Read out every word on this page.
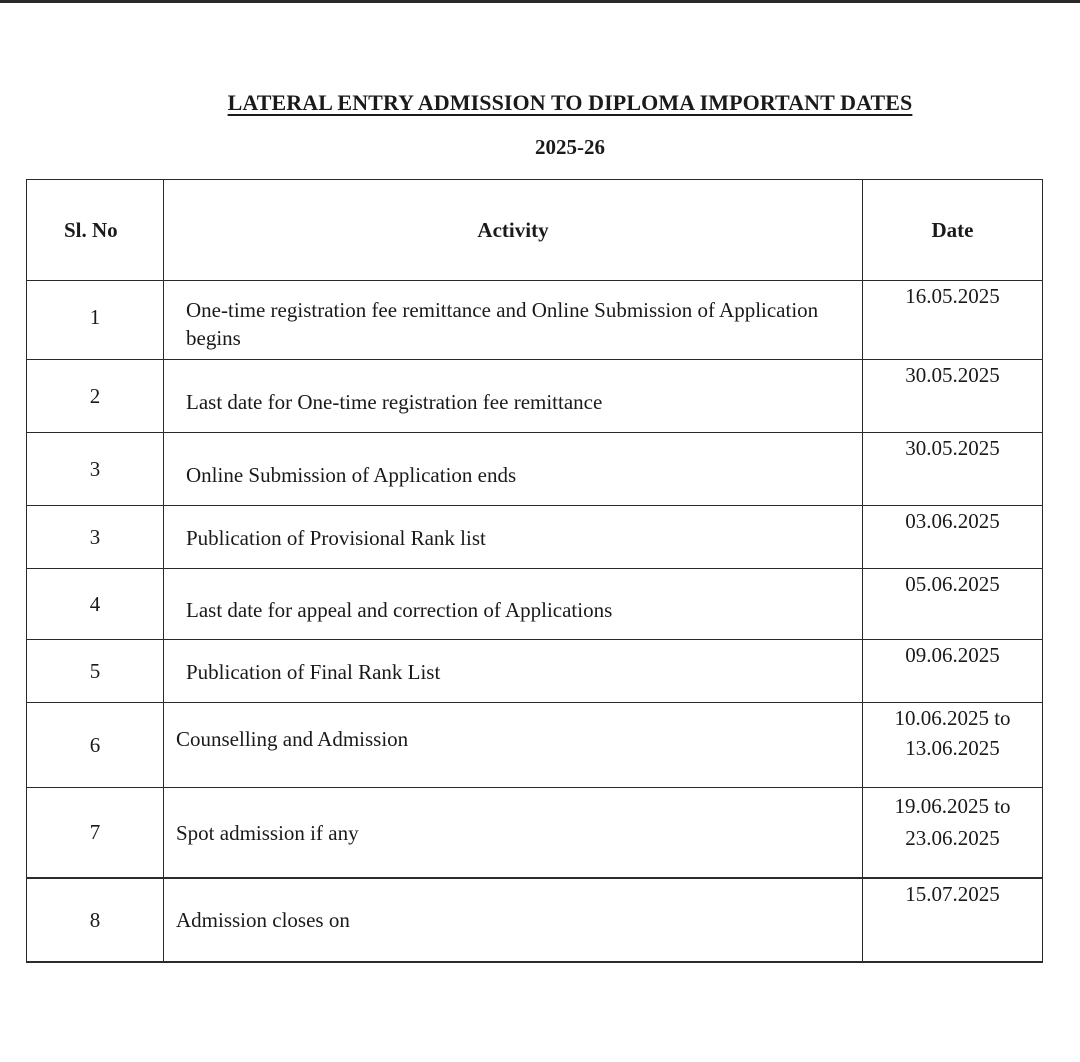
LATERAL ENTRY ADMISSION TO DIPLOMA IMPORTANT DATES
2025-26
Sl. No	Activity	Date
1	One-time registration fee remittance and Online Submission of Application begins	16.05.2025

2	Last date for One-time registration fee remittance	30.05.2025

3	Online Submission of Application ends	30.05.2025

3	Publication of Provisional Rank list	03.06.2025

4	Last date for appeal and correction of Applications	05.06.2025

5	Publication of Final Rank List	09.06.2025

6	Counselling and Admission	10.06.2025 to
13.06.2025

7	Spot admission if any	19.06.2025 to
23.06.2025

8	Admission closes on	15.07.2025
